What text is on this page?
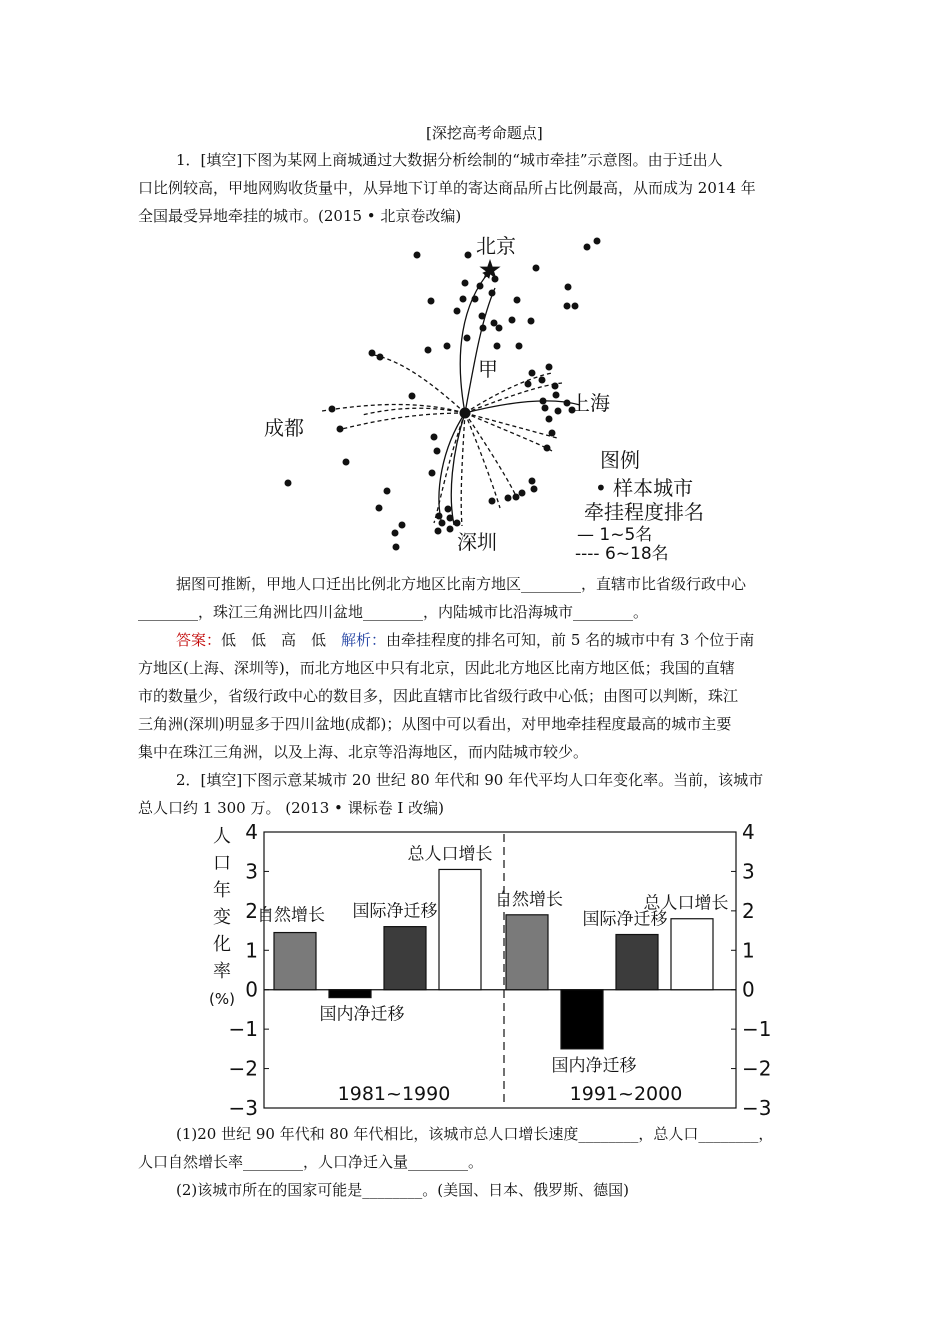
[深挖高考命题点]
1．[填空]下图为某网上商城通过大数据分析绘制的“城市牵挂”示意图。由于迁出人
口比例较高，甲地网购收货量中，从异地下订单的寄达商品所占比例最高，从而成为 2014 年
全国最受异地牵挂的城市。(2015 • 北京卷改编)
北京
甲
上海
成都
深圳
图例
• 样本城市
牵挂程度排名
— 1~5名
---- 6~18名
据图可推断，甲地人口迁出比例北方地区比南方地区________，直辖市比省级行政中心
________，珠江三角洲比四川盆地________，内陆城市比沿海城市________。
答案：低　低　高　低　解析：由牵挂程度的排名可知，前 5 名的城市中有 3 个位于南
方地区(上海、深圳等)，而北方地区中只有北京，因此北方地区比南方地区低；我国的直辖
市的数量少，省级行政中心的数目多，因此直辖市比省级行政中心低；由图可以判断，珠江
三角洲(深圳)明显多于四川盆地(成都)；从图中可以看出，对甲地牵挂程度最高的城市主要
集中在珠江三角洲，以及上海、北京等沿海地区，而内陆城市较少。
2．[填空]下图示意某城市 20 世纪 80 年代和 90 年代平均人口年变化率。当前，该城市
总人口约 1 300 万。 (2013 • 课标卷 I 改编)
4	4
3	3
2	2
1	1
0	0
−1	−1
−2	−2
−3	−3
人
口
年
变
化
率
(%)
自然增长
国内净迁移
国际净迁移
总人口增长
1981~1990
自然增长
国内净迁移
国际净迁移
总人口增长
1991~2000
(1)20 世纪 90 年代和 80 年代相比，该城市总人口增长速度________，总人口________，
人口自然增长率________，人口净迁入量________。
(2)该城市所在的国家可能是________。(美国、日本、俄罗斯、德国)
